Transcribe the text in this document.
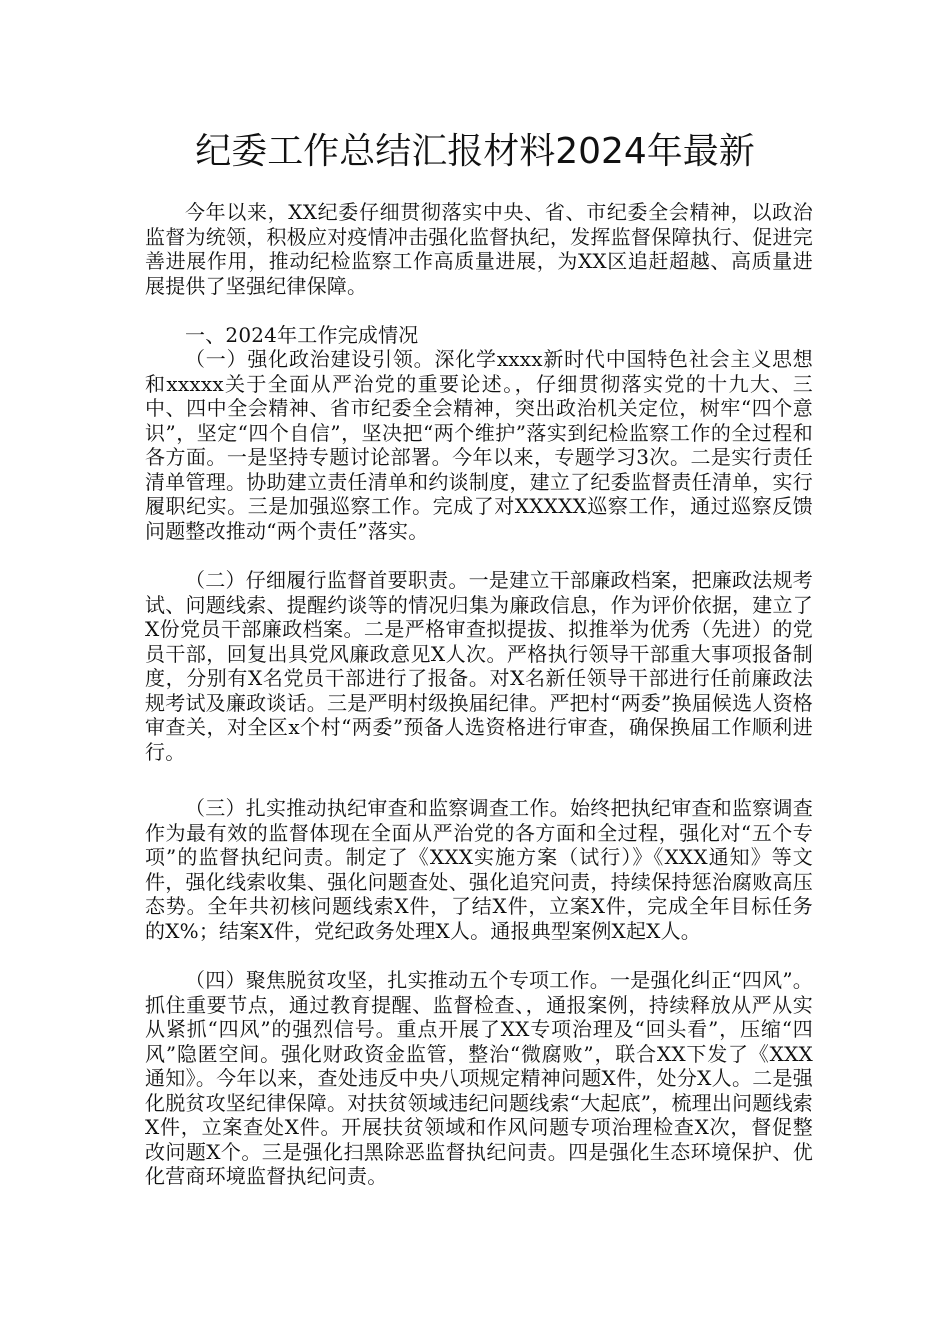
纪委工作总结汇报材料2024年最新

今年以来，XX纪委仔细贯彻落实中央、省、市纪委全会精神，以政治监督为统领，积极应对疫情冲击强化监督执纪，发挥监督保障执行、促进完善进展作用，推动纪检监察工作高质量进展，为XX区追赶超越、高质量进展提供了坚强纪律保障。

一、2024年工作完成情况

（一）强化政治建设引领。深化学xxxx新时代中国特色社会主义思想和xxxxx关于全面从严治党的重要论述。，仔细贯彻落实党的十九大、三中、四中全会精神、省市纪委全会精神，突出政治机关定位，树牢“四个意识”，坚定“四个自信”，坚决把“两个维护”落实到纪检监察工作的全过程和各方面。一是坚持专题讨论部署。今年以来，专题学习3次。二是实行责任清单管理。协助建立责任清单和约谈制度，建立了纪委监督责任清单，实行履职纪实。三是加强巡察工作。完成了对XXXXX巡察工作，通过巡察反馈问题整改推动“两个责任”落实。

（二）仔细履行监督首要职责。一是建立干部廉政档案，把廉政法规考试、问题线索、提醒约谈等的情况归集为廉政信息，作为评价依据，建立了X份党员干部廉政档案。二是严格审查拟提拔、拟推举为优秀（先进）的党员干部，回复出具党风廉政意见X人次。严格执行领导干部重大事项报备制度，分别有X名党员干部进行了报备。对X名新任领导干部进行任前廉政法规考试及廉政谈话。三是严明村级换届纪律。严把村“两委”换届候选人资格审查关，对全区x个村“两委”预备人选资格进行审查，确保换届工作顺利进行。

（三）扎实推动执纪审查和监察调查工作。始终把执纪审查和监察调查作为最有效的监督体现在全面从严治党的各方面和全过程，强化对“五个专项”的监督执纪问责。制定了《XXX实施方案（试行）》《XXX通知》等文件，强化线索收集、强化问题查处、强化追究问责，持续保持惩治腐败高压态势。全年共初核问题线索X件，了结X件，立案X件，完成全年目标任务的X%；结案X件，党纪政务处理X人。通报典型案例X起X人。

（四）聚焦脱贫攻坚，扎实推动五个专项工作。一是强化纠正“四风”。抓住重要节点，通过教育提醒、监督检查、，通报案例，持续释放从严从实从紧抓“四风”的强烈信号。重点开展了XX专项治理及“回头看”，压缩“四风”隐匿空间。强化财政资金监管，整治“微腐败”，联合XX下发了《XXX通知》。今年以来，查处违反中央八项规定精神问题X件，处分X人。二是强化脱贫攻坚纪律保障。对扶贫领域违纪问题线索“大起底”，梳理出问题线索X件，立案查处X件。开展扶贫领域和作风问题专项治理检查X次，督促整改问题X个。三是强化扫黑除恶监督执纪问责。四是强化生态环境保护、优化营商环境监督执纪问责。
